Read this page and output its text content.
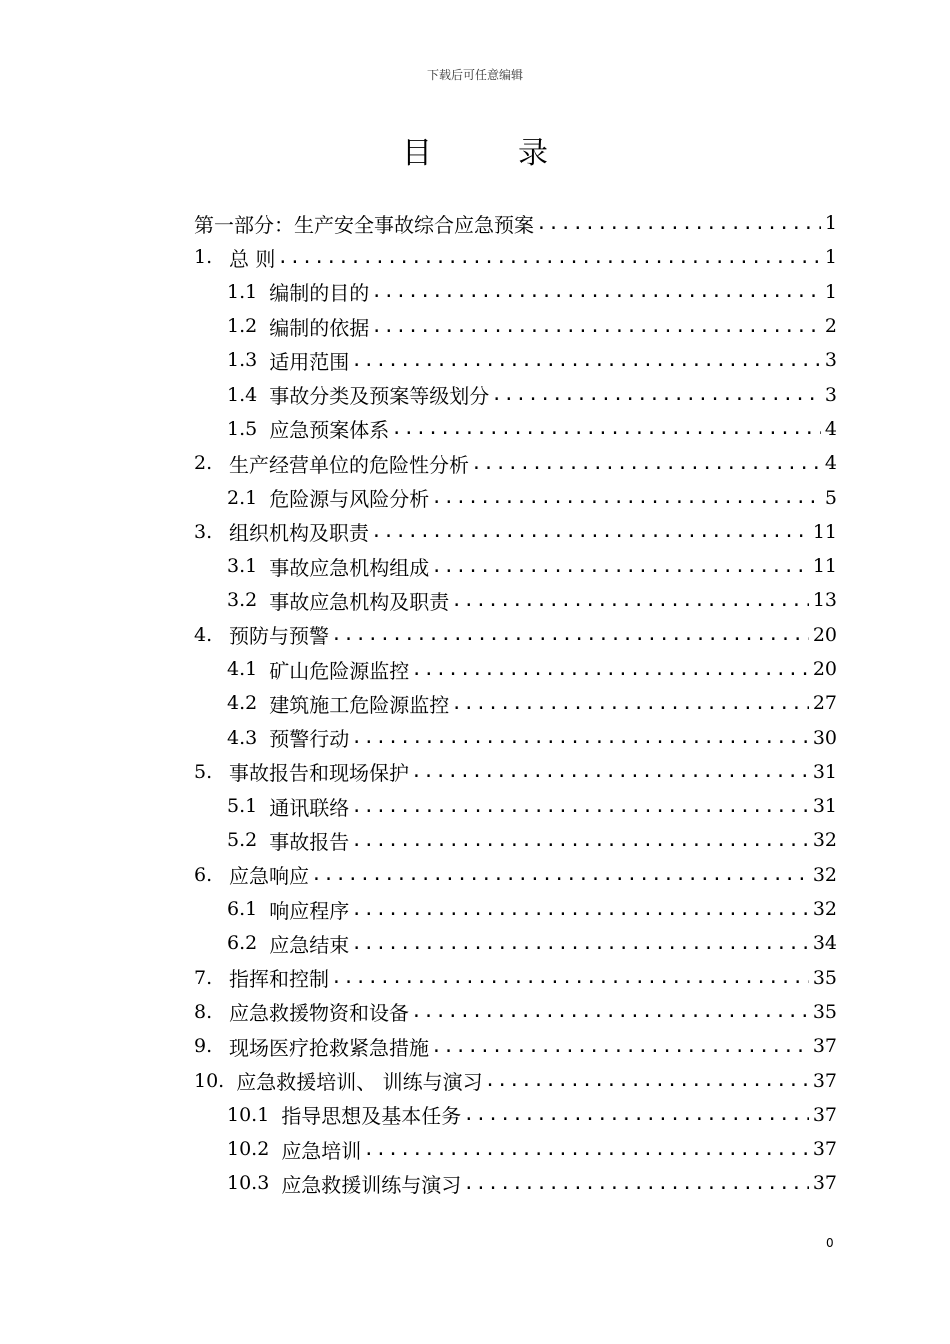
下载后可任意编辑
目	录
第一部分：生产安全事故综合应急预案 .....	1
1. 总 则 .....	1
1.1 编制的目的 .....	1
1.2 编制的依据 .....	2
1.3 适用范围 .....	3
1.4 事故分类及预案等级划分 .....	3
1.5 应急预案体系 .....	4
2. 生产经营单位的危险性分析 .....	4
2.1 危险源与风险分析 .....	5
3. 组织机构及职责 .....	11
3.1 事故应急机构组成 .....	11
3.2 事故应急机构及职责 .....	13
4. 预防与预警 .....	20
4.1 矿山危险源监控 .....	20
4.2 建筑施工危险源监控 .....	27
4.3 预警行动 .....	30
5. 事故报告和现场保护 .....	31
5.1 通讯联络 .....	31
5.2 事故报告 .....	32
6. 应急响应 .....	32
6.1 响应程序 .....	32
6.2 应急结束 .....	34
7. 指挥和控制 .....	35
8. 应急救援物资和设备 .....	35
9. 现场医疗抢救紧急措施 .....	37
10. 应急救援培训、 训练与演习 .....	37
10.1 指导思想及基本任务 .....	37
10.2 应急培训 .....	37
10.3 应急救援训练与演习 .....	37
0
